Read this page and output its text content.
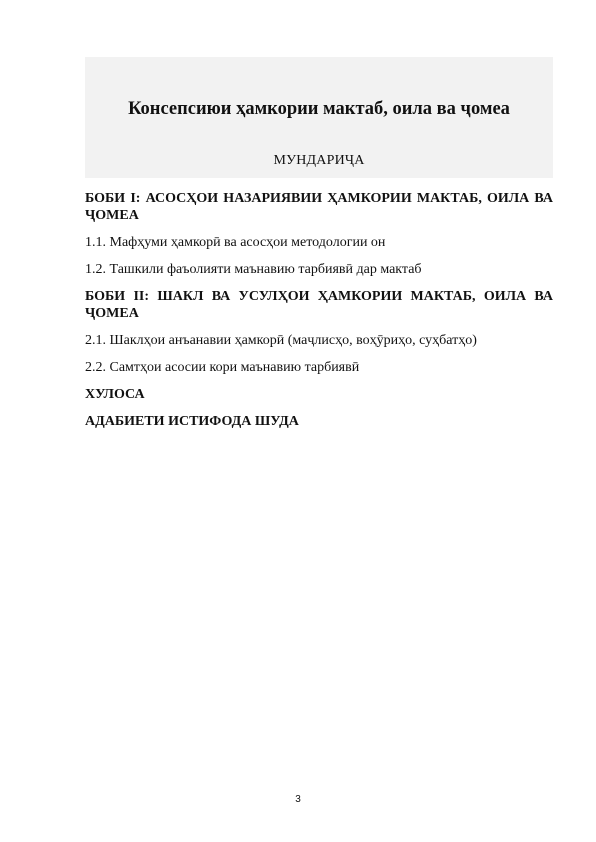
Консепсиюи ҳамкории мактаб, оила ва ҷомеа

МУНДАРИҶА

БОБИ I: АСОСҲОИ НАЗАРИЯВИИ ҲАМКОРИИ МАКТАБ, ОИЛА ВА ҶОМЕА

1.1. Мафҳуми ҳамкорӣ ва асосҳои методологии он

1.2. Ташкили фаъолияти маънавию тарбиявӣ дар мактаб

БОБИ II: ШАКЛ ВА УСУЛҲОИ ҲАМКОРИИ МАКТАБ, ОИЛА ВА ҶОМЕА

2.1. Шаклҳои анъанавии ҳамкорӣ (маҷлисҳо, воҳӯриҳо, суҳбатҳо)

2.2. Самтҳои асосии кори маънавию тарбиявӣ

ХУЛОСА

АДАБИЕТИ ИСТИФОДА ШУДА

3
